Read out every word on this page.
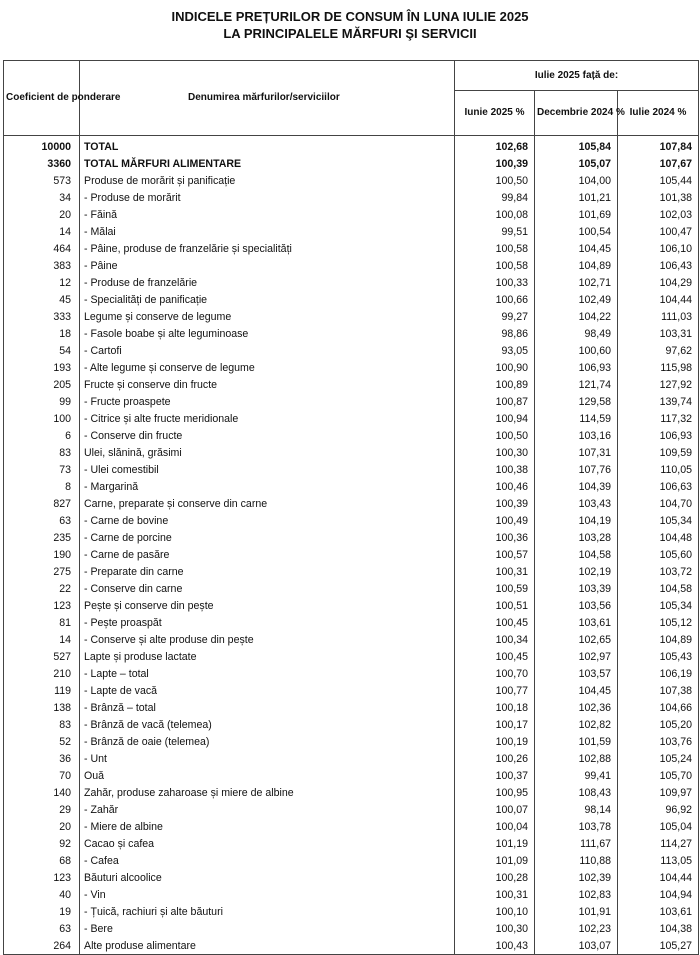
INDICELE PREȚURILOR DE CONSUM ÎN LUNA IULIE 2025
LA PRINCIPALELE MĂRFURI ŞI SERVICII
Coeficient de ponderare	Denumirea mărfurilor/serviciilor	Iulie 2025 față de:		
		Iunie 2025 %	Decembrie 2024 %	Iulie 2024 %
10000	TOTAL	102,68	105,84	107,84
3360	TOTAL MĂRFURI ALIMENTARE	100,39	105,07	107,67
573	Produse de morărit și panificație	100,50	104,00	105,44
34	- Produse de morărit	99,84	101,21	101,38
20	- Făină	100,08	101,69	102,03
14	- Mălai	99,51	100,54	100,47
464	- Pâine, produse de franzelărie și specialități	100,58	104,45	106,10
383	- Pâine	100,58	104,89	106,43
12	- Produse de franzelărie	100,33	102,71	104,29
45	- Specialități de panificație	100,66	102,49	104,44
333	Legume și conserve de legume	99,27	104,22	111,03
18	- Fasole boabe și alte leguminoase	98,86	98,49	103,31
54	- Cartofi	93,05	100,60	97,62
193	- Alte legume și conserve de legume	100,90	106,93	115,98
205	Fructe și conserve din fructe	100,89	121,74	127,92
99	- Fructe proaspete	100,87	129,58	139,74
100	- Citrice și alte fructe meridionale	100,94	114,59	117,32
6	- Conserve din fructe	100,50	103,16	106,93
83	Ulei, slănină, grăsimi	100,30	107,31	109,59
73	- Ulei comestibil	100,38	107,76	110,05
8	- Margarină	100,46	104,39	106,63
827	Carne, preparate și conserve din carne	100,39	103,43	104,70
63	- Carne de bovine	100,49	104,19	105,34
235	- Carne de porcine	100,36	103,28	104,48
190	- Carne de pasăre	100,57	104,58	105,60
275	- Preparate din carne	100,31	102,19	103,72
22	- Conserve din carne	100,59	103,39	104,58
123	Pește și conserve din pește	100,51	103,56	105,34
81	- Pește proaspăt	100,45	103,61	105,12
14	- Conserve și alte produse din pește	100,34	102,65	104,89
527	Lapte și produse lactate	100,45	102,97	105,43
210	- Lapte – total	100,70	103,57	106,19
119	- Lapte de vacă	100,77	104,45	107,38
138	- Brânză – total	100,18	102,36	104,66
83	- Brânză de vacă (telemea)	100,17	102,82	105,20
52	- Brânză de oaie (telemea)	100,19	101,59	103,76
36	- Unt	100,26	102,88	105,24
70	Ouă	100,37	99,41	105,70
140	Zahăr, produse zaharoase și miere de albine	100,95	108,43	109,97
29	- Zahăr	100,07	98,14	96,92
20	- Miere de albine	100,04	103,78	105,04
92	Cacao și cafea	101,19	111,67	114,27
68	- Cafea	101,09	110,88	113,05
123	Băuturi alcoolice	100,28	102,39	104,44
40	- Vin	100,31	102,83	104,94
19	- Țuică, rachiuri și alte băuturi	100,10	101,91	103,61
63	- Bere	100,30	102,23	104,38
264	Alte produse alimentare	100,43	103,07	105,27
